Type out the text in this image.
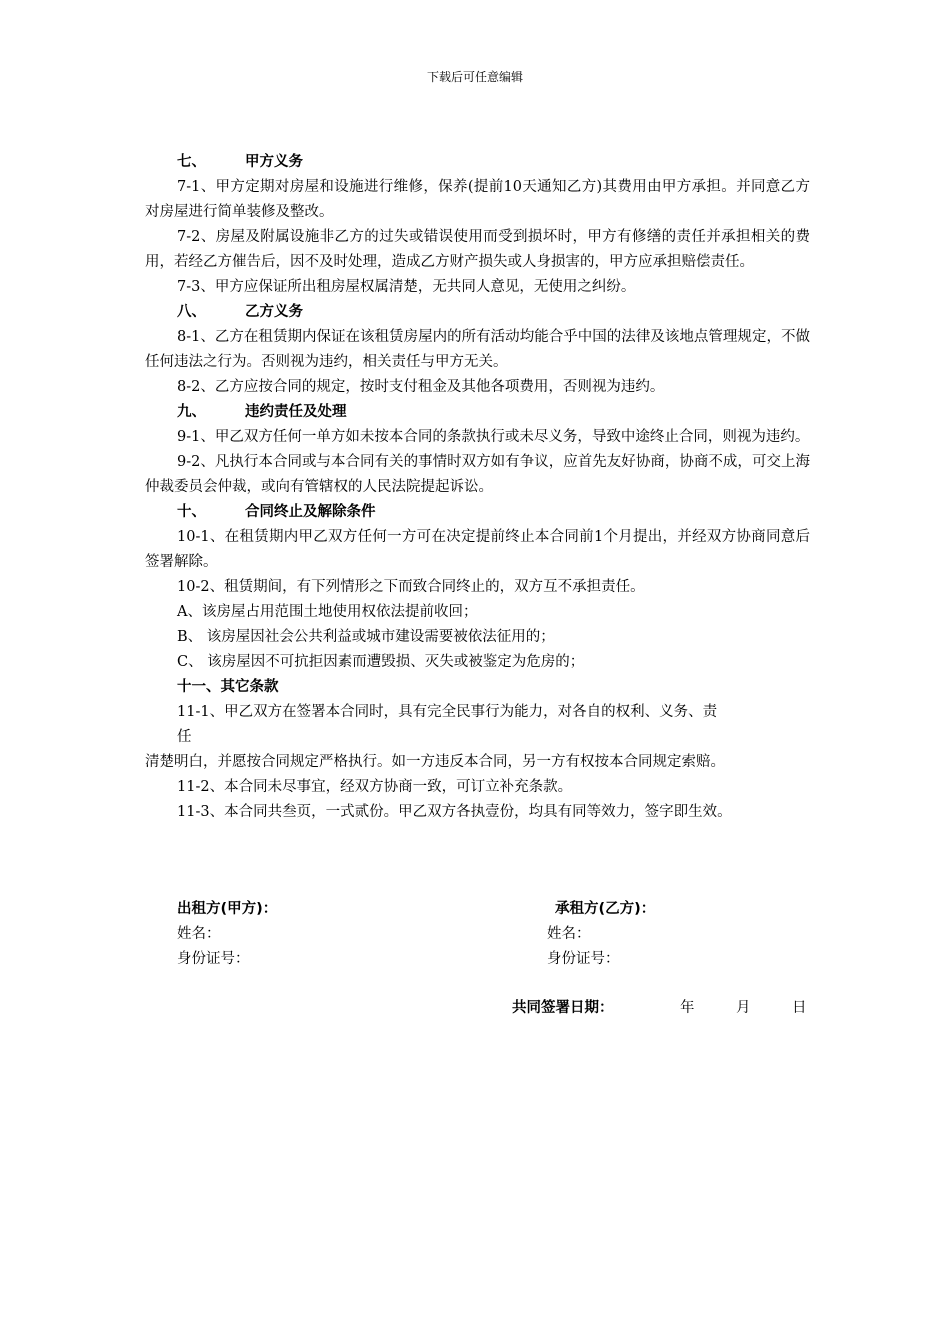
下载后可任意编辑
七、	甲方义务
7-1、甲方定期对房屋和设施进行维修，保养(提前10天通知乙方)其费用由甲方承担。并同意乙方对房屋进行简单装修及整改。
7-2、房屋及附属设施非乙方的过失或错误使用而受到损坏时，甲方有修缮的责任并承担相关的费用，若经乙方催告后，因不及时处理，造成乙方财产损失或人身损害的，甲方应承担赔偿责任。
7-3、甲方应保证所出租房屋权属清楚，无共同人意见，无使用之纠纷。
八、	乙方义务
8-1、乙方在租赁期内保证在该租赁房屋内的所有活动均能合乎中国的法律及该地点管理规定，不做任何违法之行为。否则视为违约，相关责任与甲方无关。
8-2、乙方应按合同的规定，按时支付租金及其他各项费用，否则视为违约。
九、	违约责任及处理
9-1、甲乙双方任何一单方如未按本合同的条款执行或未尽义务，导致中途终止合同，则视为违约。
9-2、凡执行本合同或与本合同有关的事情时双方如有争议，应首先友好协商，协商不成，可交上海仲裁委员会仲裁，或向有管辖权的人民法院提起诉讼。
十、	合同终止及解除条件
10-1、在租赁期内甲乙双方任何一方可在决定提前终止本合同前1个月提出，并经双方协商同意后签署解除。
10-2、租赁期间，有下列情形之下而致合同终止的，双方互不承担责任。
A、该房屋占用范围土地使用权依法提前收回；
B、 该房屋因社会公共利益或城市建设需要被依法征用的；
C、 该房屋因不可抗拒因素而遭毁损、灭失或被鉴定为危房的；
十一、其它条款
11-1、甲乙双方在签署本合同时，具有完全民事行为能力，对各自的权利、义务、责
任
清楚明白，并愿按合同规定严格执行。如一方违反本合同，另一方有权按本合同规定索赔。
11-2、本合同未尽事宜，经双方协商一致，可订立补充条款。
11-3、本合同共叁页，一式贰份。甲乙双方各执壹份，均具有同等效力，签字即生效。
出租方(甲方)：
姓名：
身份证号：
承租方(乙方)：
姓名：
身份证号：
共同签署日期：	年	月	日
